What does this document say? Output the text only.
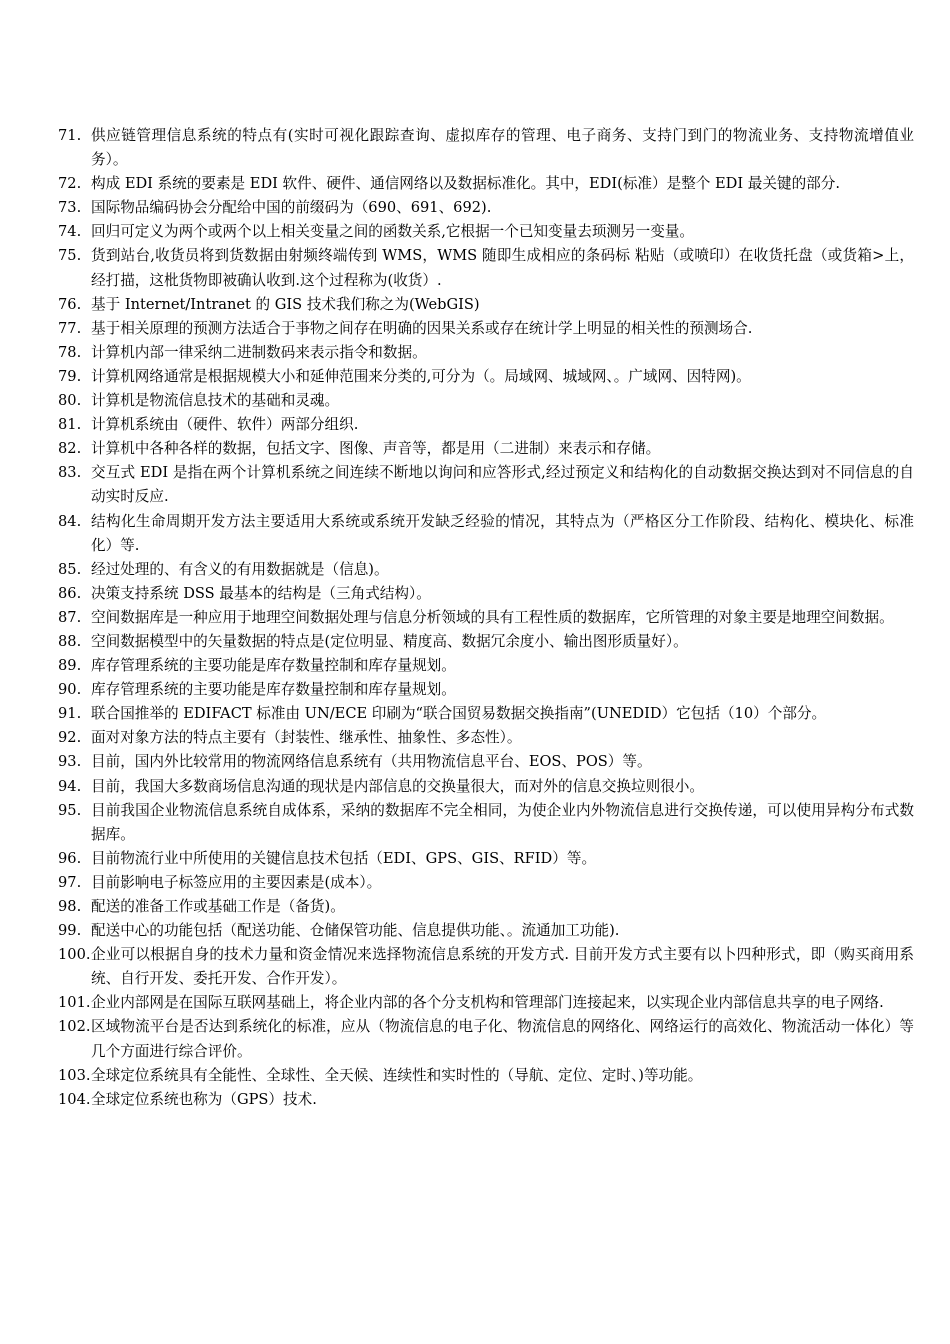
71. 供应链管理信息系统的特点有(实时可视化跟踪查询、虚拟库存的管理、电子商务、支持门到门的物流业务、支持物流增值业务）。
72. 构成 EDI 系统的要素是 EDI 软件、硬件、通信网络以及数据标准化。其中，EDI(标准）是整个 EDI 最关键的部分.
73. 国际物品编码协会分配给中国的前缀码为（690、691、692).
74. 回归可定义为两个或两个以上相关变量之间的函数关系,它根据一个已知变量去顼测另一变量。
75. 货到站台,收货员将到货数据由射频终端传到 WMS，WMS 随即生成相应的条码标 粘贴（或喷印）在收货托盘（或货箱>上，经打描，这枇货物即被确认收到.这个过程称为(收货）.
76. 基于 Internet/Intranet 的 GIS 技术我们称之为(WebGIS)
77. 基于相关原理的预测方法适合于亊物之间存在明确的因果关系或存在统计学上明显的相关性的预测场合.
78. 计算机内部一律采纳二进制数码来表示指令和数据。
79. 计算机网络通常是根据规模大小和延伸范围来分类的,可分为（。局域网、城域网、。广域网、因特网)。
80. 计算机是物流信息技术的基础和灵魂。
81. 计算机系统由（硬件、软件）两部分组织.
82. 计算机中各种各样的数据，包括文字、图像、声音等，都是用（二进制）来表示和存储。
83. 交互式 EDI 是指在两个计算机系统之间连续不断地以询问和应答形式,经过预定义和结构化的自动数据交换达到对不同信息的自动实时反应.
84. 结构化生命周期开发方法主要适用大系统或系统开发缺乏经验的情况，其特点为（严格区分工作阶段、结构化、模块化、标准化）等.
85. 经过处理的、有含义的有用数据就是（信息)。
86. 决策支持系统 DSS 最基本的结构是（三角式结构）。
87. 空间数据库是一种应用于地理空间数据处理与信息分析领域的具有工程性质的数据库，它所管理的对象主要是地理空间数据。
88. 空间数据模型中的矢量数据的特点是(定位明显、精度高、数据冗余度小、输出图形质量好）。
89. 库存管理系统的主要功能是库存数量控制和库存量规划。
90. 库存管理系统的主要功能是库存数量控制和库存量规划。
91. 联合国推举的 EDIFACT 标准由 UN/ECE 印刷为“联合国贸易数据交换指南”(UNEDID）它包括（10）个部分。
92. 面对对象方法的特点主要有（封装性、继承性、抽象性、多态性）。
93. 目前，国内外比较常用的物流网络信息系统有（共用物流信息平台、EOS、POS）等。
94. 目前，我国大多数商场信息沟通的现状是内部信息的交换量很大，而对外的信息交换垃则很小。
95. 目前我国企业物流信息系统自成体系，采纳的数据库不完全相同，为使企业内外物流信息进行交换传递，可以使用异构分布式数据库。
96. 目前物流行业中所使用的关键信息技术包括（EDI、GPS、GIS、RFID）等。
97. 目前影响电子标签应用的主要因素是(成本）。
98. 配送的准备工作或基础工作是（备货)。
99. 配送中心的功能包括（配送功能、仓储保管功能、信息提供功能、。流通加工功能).
100. 企业可以根据自身的技术力量和资金情况来选择物流信息系统的开发方式. 目前开发方式主要有以卜四种形式，即（购买商用系统、自行开发、委托开发、合作开发）。
101. 企业内部网是在国际互联网基础上，将企业内部的各个分支机构和管理部门连接起来，以实现企业内部信息共享的电子网络.
102. 区域物流平台是否达到系统化的标准，应从（物流信息的电子化、物流信息的网络化、网络运行的高效化、物流活动一体化）等几个方面进行综合评价。
103. 全球定位系统具有全能性、全球性、全天候、连续性和实时性的（导航、定位、定时、)等功能。
104. 全球定位系统也称为（GPS）技术.
